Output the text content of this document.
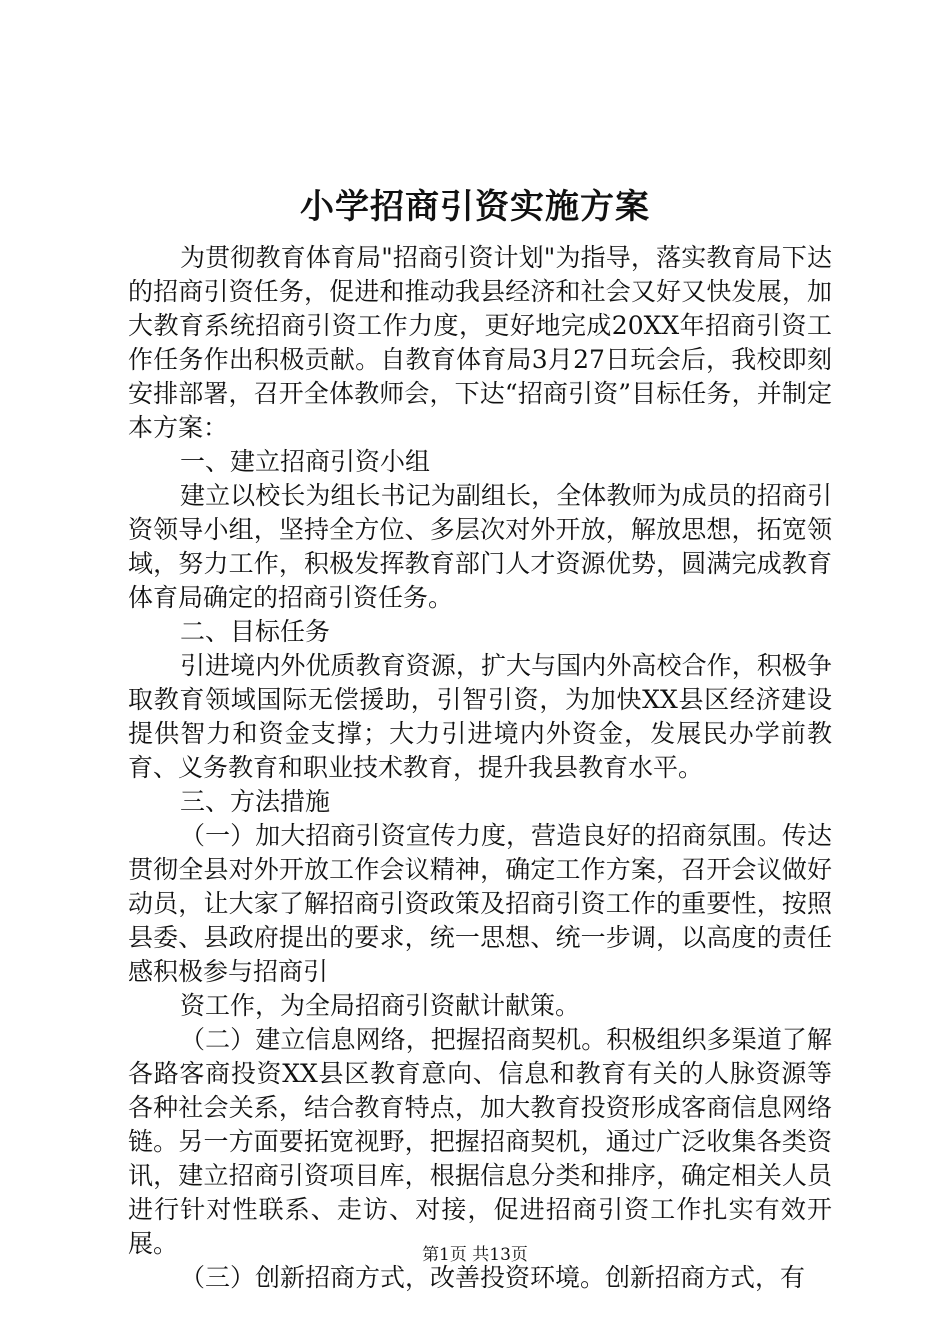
小学招商引资实施方案

为贯彻教育体育局"招商引资计划"为指导，落实教育局下达的招商引资任务，促进和推动我县经济和社会又好又快发展，加大教育系统招商引资工作力度，更好地完成20XX年招商引资工作任务作出积极贡献。自教育体育局3月27日玩会后，我校即刻安排部署，召开全体教师会，下达“招商引资”目标任务，并制定本方案：

一、建立招商引资小组

建立以校长为组长书记为副组长，全体教师为成员的招商引资领导小组，坚持全方位、多层次对外开放，解放思想，拓宽领域，努力工作，积极发挥教育部门人才资源优势，圆满完成教育体育局确定的招商引资任务。

二、目标任务

引进境内外优质教育资源，扩大与国内外高校合作，积极争取教育领域国际无偿援助，引智引资，为加快XX县区经济建设提供智力和资金支撑；大力引进境内外资金，发展民办学前教育、义务教育和职业技术教育，提升我县教育水平。

三、方法措施

（一）加大招商引资宣传力度，营造良好的招商氛围。传达贯彻全县对外开放工作会议精神，确定工作方案，召开会议做好动员，让大家了解招商引资政策及招商引资工作的重要性，按照县委、县政府提出的要求，统一思想、统一步调，以高度的责任感积极参与招商引

资工作，为全局招商引资献计献策。

（二）建立信息网络，把握招商契机。积极组织多渠道了解各路客商投资XX县区教育意向、信息和教育有关的人脉资源等各种社会关系，结合教育特点，加大教育投资形成客商信息网络链。另一方面要拓宽视野，把握招商契机，通过广泛收集各类资讯，建立招商引资项目库，根据信息分类和排序，确定相关人员进行针对性联系、走访、对接，促进招商引资工作扎实有效开展。

（三）创新招商方式，改善投资环境。创新招商方式，有

第1页 共13页
